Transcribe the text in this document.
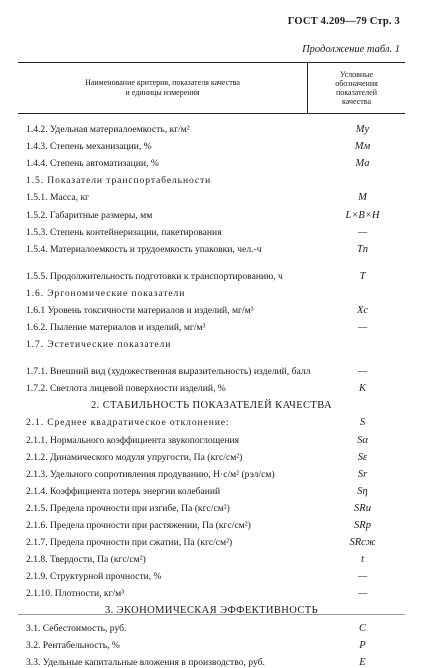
ГОСТ 4.209—79 Стр. 3
Продолжение табл. 1
Наименование критерия, показателя качества
и единицы измерения
Условные
обозначения
показателей
качества
1.4.2. Удельная материалоемкость, кг/м²	Mу
1.4.3. Степень механизации, %	Mм
1.4.4. Степень автоматизации, %	Mа
1.5. Показатели транспортабельности
1.5.1. Масса, кг	M
1.5.2. Габаритные размеры, мм	L×B×H
1.5.3. Степень контейнеризации, пакетирования	—
1.5.4. Материалоемкость и трудоемкость упаковки, чел.-ч	Tп
1.5.5. Продолжительность подготовки к транспортированию, ч	T
1.6. Эргономические показатели
1.6.1 Уровень токсичности материалов и изделий, мг/м³	Xc
1.6.2. Пыление материалов и изделий, мг/м³	—
1.7. Эстетические показатели
1.7.1. Внешний вид (художественная выразительность) изделий, балл	—
1.7.2. Светлота лицевой поверхности изделий, %	K
2. СТАБИЛЬНОСТЬ ПОКАЗАТЕЛЕЙ КАЧЕСТВА
2.1. Среднее квадратическое отклонение:	S
2.1.1. Нормального коэффициента звукопоглощения	Sα
2.1.2. Динамического модуля упругости, Па (кгс/см²)	Sε
2.1.3. Удельного сопротивления продуванию, Н·с/м² (рэл/см)	Sr
2.1.4. Коэффициента потерь энергии колебаний	Sη
2.1.5. Предела прочности при изгибе, Па (кгс/см²)	SRи
2.1.6. Предела прочности при растяжении, Па (кгс/см²)	SRр
2.1.7. Предела прочности при сжатии, Па (кгс/см²)	SRсж
2.1.8. Твердости, Па (кгс/см²)	t
2.1.9. Структурной прочности, %	—
2.1.10. Плотности, кг/м³	—
3. ЭКОНОМИЧЕСКАЯ ЭФФЕКТИВНОСТЬ
3.1. Себестоимость, руб.	C
3.2. Рентабельность, %	P
3.3. Удельные капитальные вложения в производство, руб.	E
